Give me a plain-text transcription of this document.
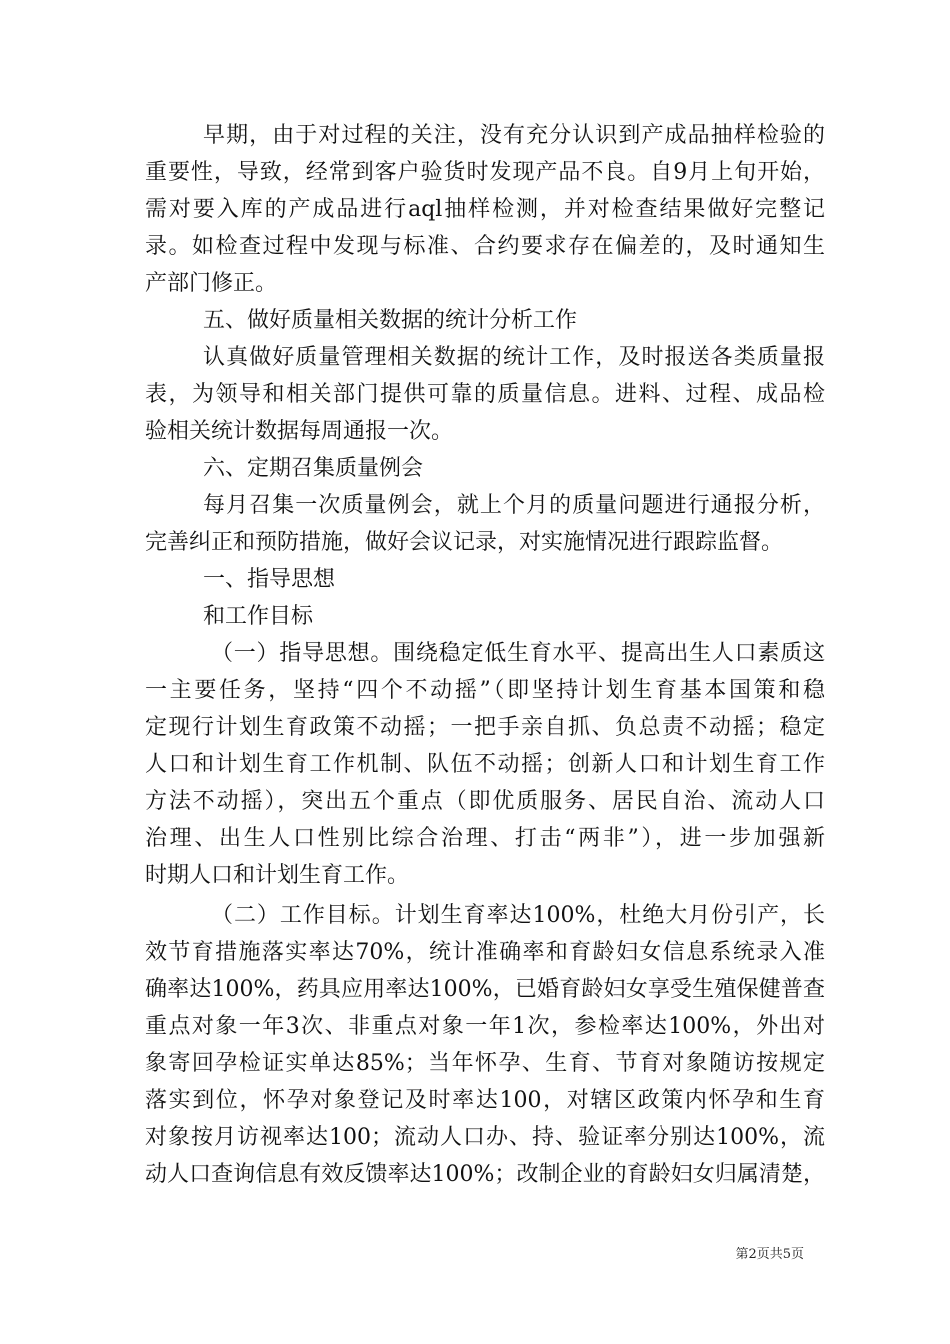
早期，由于对过程的关注，没有充分认识到产成品抽样检验的
重要性，导致，经常到客户验货时发现产品不良。自9月上旬开始，
需对要入库的产成品进行aql抽样检测，并对检查结果做好完整记
录。如检查过程中发现与标准、合约要求存在偏差的，及时通知生
产部门修正。
五、做好质量相关数据的统计分析工作
认真做好质量管理相关数据的统计工作，及时报送各类质量报
表，为领导和相关部门提供可靠的质量信息。进料、过程、成品检
验相关统计数据每周通报一次。
六、定期召集质量例会
每月召集一次质量例会，就上个月的质量问题进行通报分析，
完善纠正和预防措施，做好会议记录，对实施情况进行跟踪监督。
一、指导思想
和工作目标
（一）指导思想。围绕稳定低生育水平、提高出生人口素质这
一主要任务，坚持“四个不动摇”（即坚持计划生育基本国策和稳
定现行计划生育政策不动摇；一把手亲自抓、负总责不动摇；稳定
人口和计划生育工作机制、队伍不动摇；创新人口和计划生育工作
方法不动摇），突出五个重点（即优质服务、居民自治、流动人口
治理、出生人口性别比综合治理、打击“两非”），进一步加强新
时期人口和计划生育工作。
（二）工作目标。计划生育率达100%，杜绝大月份引产，长
效节育措施落实率达70%，统计准确率和育龄妇女信息系统录入准
确率达100%，药具应用率达100%，已婚育龄妇女享受生殖保健普查
重点对象一年3次、非重点对象一年1次，参检率达100%，外出对
象寄回孕检证实单达85%；当年怀孕、生育、节育对象随访按规定
落实到位，怀孕对象登记及时率达100，对辖区政策内怀孕和生育
对象按月访视率达100；流动人口办、持、验证率分别达100%，流
动人口查询信息有效反馈率达100%；改制企业的育龄妇女归属清楚，
第2页共5页
